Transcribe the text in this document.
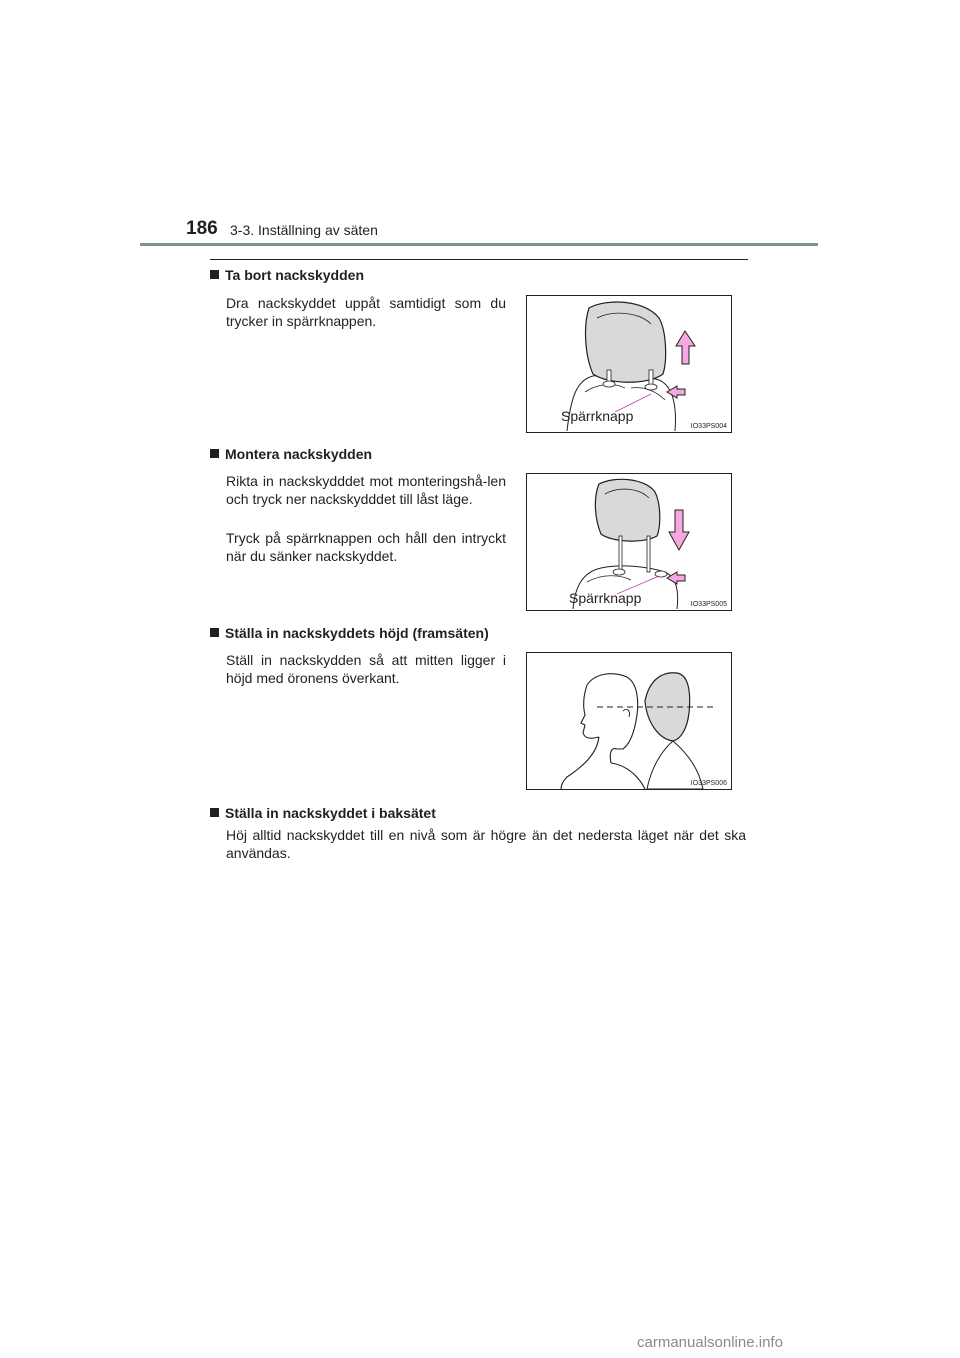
186 3-3. Inställning av säten
Ta bort nackskydden

Dra nackskyddet uppåt samtidigt som du trycker in spärrknappen.

Spärrknapp
IO33PS004
Montera nackskydden

Rikta in nackskydddet mot monteringshå-len och tryck ner nackskydddet till låst läge.

Tryck på spärrknappen och håll den intryckt när du sänker nackskyddet.

Spärrknapp	IO33PS005
Ställa in nackskyddets höjd (framsäten)

Ställ in nackskydden så att mitten ligger i höjd med öronens överkant.

IO33PS006
Ställa in nackskyddet i baksätet

Höj alltid nackskyddet till en nivå som är högre än det nedersta läget när det ska användas.

carmanualsonline.info
